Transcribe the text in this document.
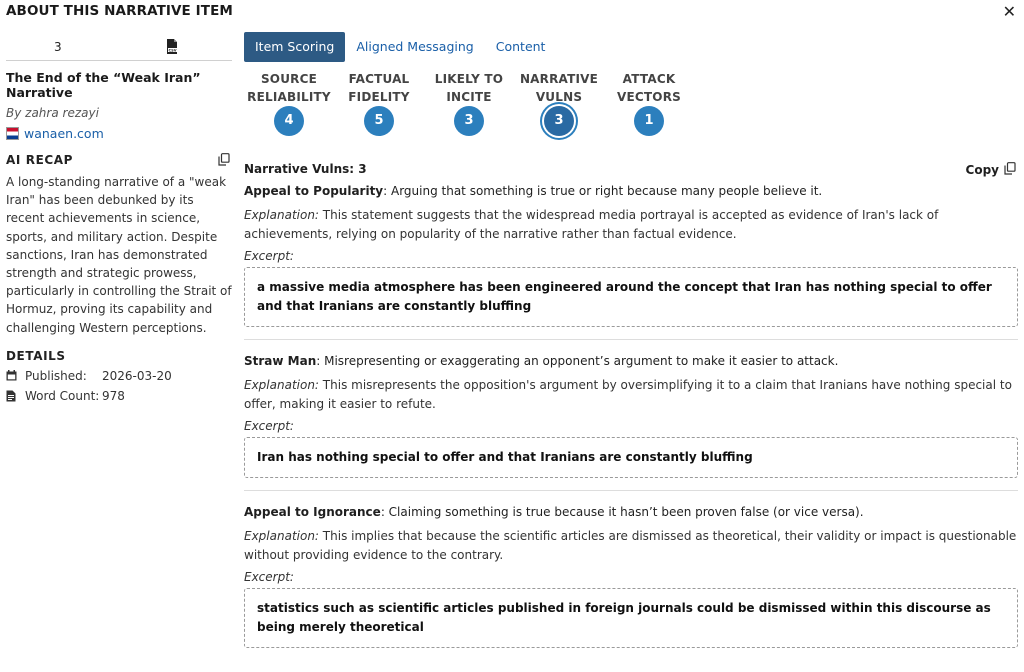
ABOUT THIS NARRATIVE ITEM	✕
3	CSV
The End of the “Weak Iran” Narrative
By zahra rezayi
wanaen.com
AI RECAP
A long-standing narrative of a "weak Iran" has been debunked by its recent achievements in science, sports, and military action. Despite sanctions, Iran has demonstrated strength and strategic prowess, particularly in controlling the Strait of Hormuz, proving its capability and challenging Western perceptions.
DETAILS
Published:	2026-03-20
Word Count: 978
Item Scoring	Aligned Messaging	Content
SOURCE
RELIABILITY
4
FACTUAL
FIDELITY
5
LIKELY TO
INCITE
3
NARRATIVE
VULNS
3
ATTACK
VECTORS
1
Narrative Vulns: 3	Copy
Appeal to Popularity: Arguing that something is true or right because many people believe it.
Explanation: This statement suggests that the widespread media portrayal is accepted as evidence of Iran's lack of achievements, relying on popularity of the narrative rather than factual evidence.
Excerpt:
a massive media atmosphere has been engineered around the concept that Iran has nothing special to offer and that Iranians are constantly bluffing
Straw Man: Misrepresenting or exaggerating an opponent’s argument to make it easier to attack.
Explanation: This misrepresents the opposition's argument by oversimplifying it to a claim that Iranians have nothing special to offer, making it easier to refute.
Excerpt:
Iran has nothing special to offer and that Iranians are constantly bluffing
Appeal to Ignorance: Claiming something is true because it hasn’t been proven false (or vice versa).
Explanation: This implies that because the scientific articles are dismissed as theoretical, their validity or impact is questionable without providing evidence to the contrary.
Excerpt:
statistics such as scientific articles published in foreign journals could be dismissed within this discourse as being merely theoretical
